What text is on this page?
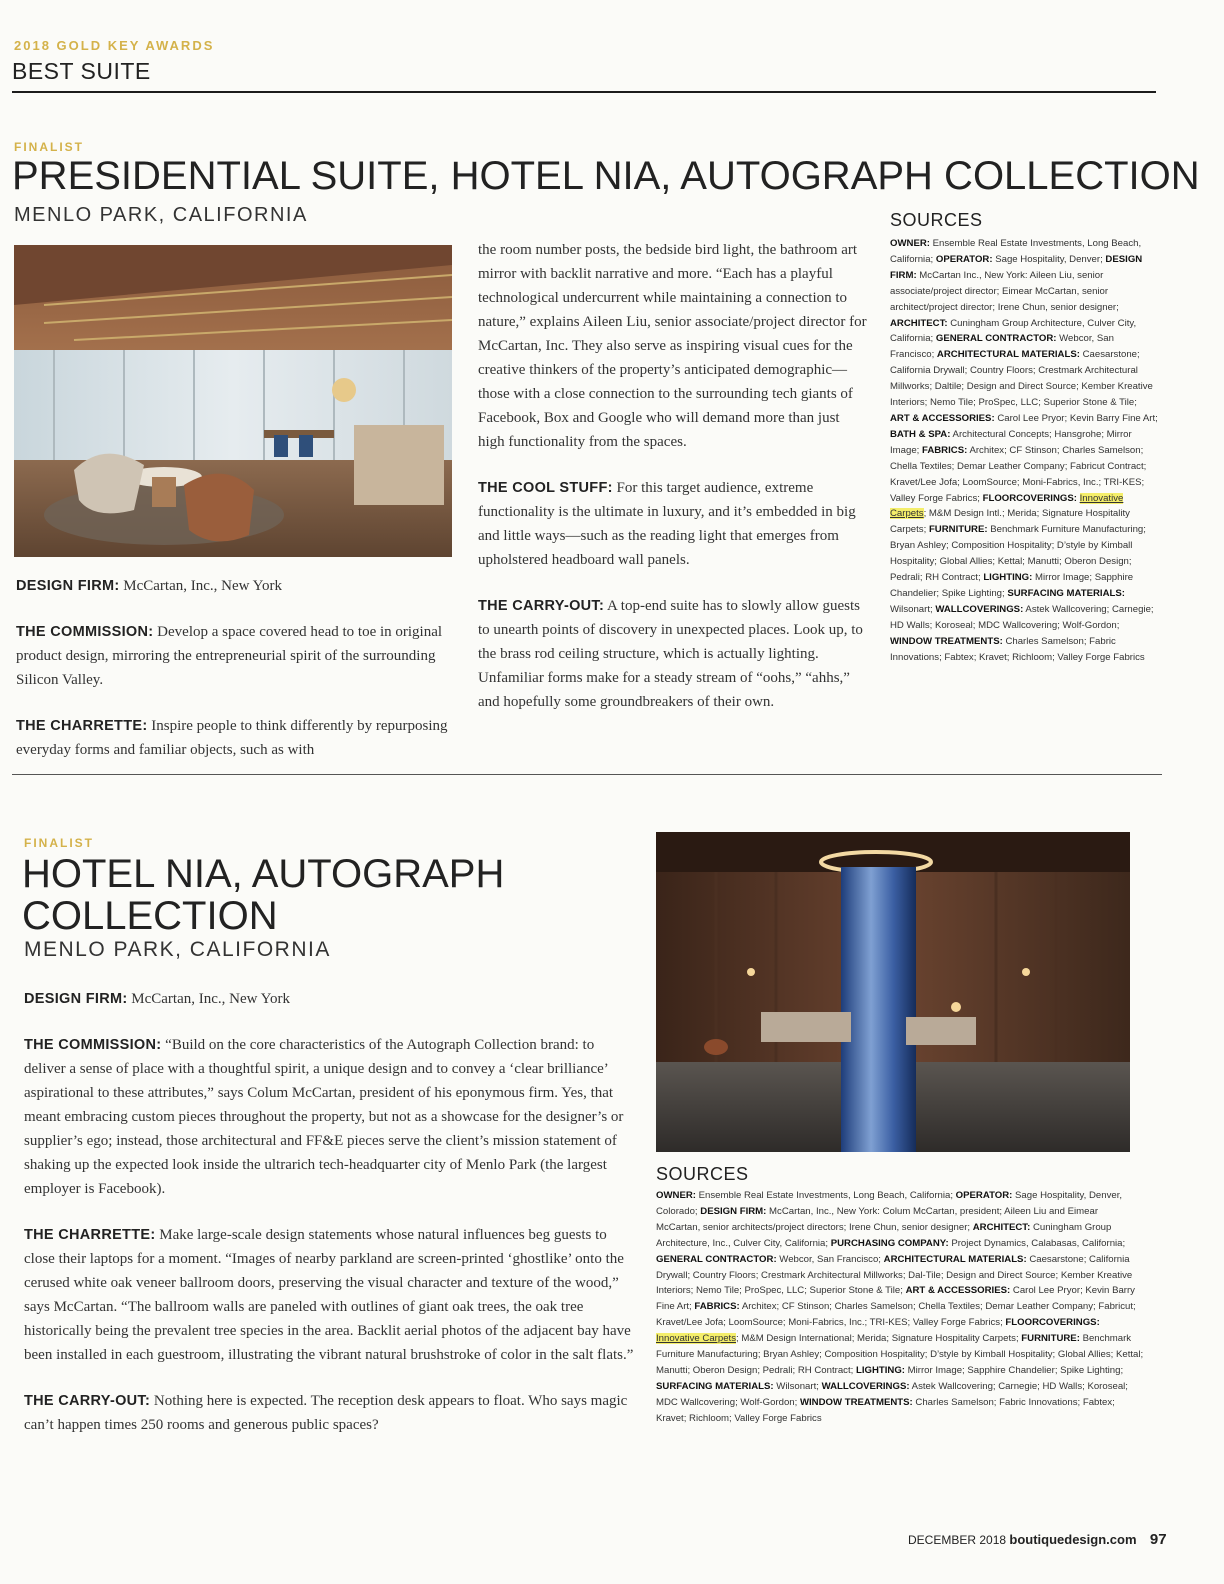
2018 GOLD KEY AWARDS
BEST SUITE
FINALIST
PRESIDENTIAL SUITE, HOTEL NIA, AUTOGRAPH COLLECTION
MENLO PARK, CALIFORNIA

DESIGN FIRM: McCartan, Inc., New York

THE COMMISSION: Develop a space covered head to toe in original product design, mirroring the entrepreneurial spirit of the surrounding Silicon Valley.

THE CHARRETTE: Inspire people to think differently by repurposing everyday forms and familiar objects, such as with

the room number posts, the bedside bird light, the bathroom art mirror with backlit narrative and more. “Each has a playful technological undercurrent while maintaining a connection to nature,” explains Aileen Liu, senior associate/project director for McCartan, Inc. They also serve as inspiring visual cues for the creative thinkers of the property’s anticipated demographic—those with a close connection to the surrounding tech giants of Facebook, Box and Google who will demand more than just high functionality from the spaces.

THE COOL STUFF: For this target audience, extreme functionality is the ultimate in luxury, and it’s embedded in big and little ways—such as the reading light that emerges from upholstered headboard wall panels.

THE CARRY-OUT: A top-end suite has to slowly allow guests to unearth points of discovery in unexpected places. Look up, to the brass rod ceiling structure, which is actually lighting. Unfamiliar forms make for a steady stream of “oohs,” “ahhs,” and hopefully some groundbreakers of their own.

SOURCES
OWNER: Ensemble Real Estate Investments, Long Beach, California; OPERATOR: Sage Hospitality, Denver; DESIGN FIRM: McCartan Inc., New York: Aileen Liu, senior associate/project director; Eimear McCartan, senior architect/project director; Irene Chun, senior designer; ARCHITECT: Cuningham Group Architecture, Culver City, California; GENERAL CONTRACTOR: Webcor, San Francisco; ARCHITECTURAL MATERIALS: Caesarstone; California Drywall; Country Floors; Crestmark Architectural Millworks; Daltile; Design and Direct Source; Kember Kreative Interiors; Nemo Tile; ProSpec, LLC; Superior Stone & Tile; ART & ACCESSORIES: Carol Lee Pryor; Kevin Barry Fine Art; BATH & SPA: Architectural Concepts; Hansgrohe; Mirror Image; FABRICS: Architex; CF Stinson; Charles Samelson; Chella Textiles; Demar Leather Company; Fabricut Contract; Kravet/Lee Jofa; LoomSource; Moni-Fabrics, Inc.; TRI-KES; Valley Forge Fabrics; FLOORCOVERINGS: Innovative Carpets; M&M Design Intl.; Merida; Signature Hospitality Carpets; FURNITURE: Benchmark Furniture Manufacturing; Bryan Ashley; Composition Hospitality; D’style by Kimball Hospitality; Global Allies; Kettal; Manutti; Oberon Design; Pedrali; RH Contract; LIGHTING: Mirror Image; Sapphire Chandelier; Spike Lighting; SURFACING MATERIALS: Wilsonart; WALLCOVERINGS: Astek Wallcovering; Carnegie; HD Walls; Koroseal; MDC Wallcovering; Wolf-Gordon; WINDOW TREATMENTS: Charles Samelson; Fabric Innovations; Fabtex; Kravet; Richloom; Valley Forge Fabrics
FINALIST
HOTEL NIA, AUTOGRAPH
COLLECTION
MENLO PARK, CALIFORNIA

DESIGN FIRM: McCartan, Inc., New York

THE COMMISSION: “Build on the core characteristics of the Autograph Collection brand: to deliver a sense of place with a thoughtful spirit, a unique design and to convey a ‘clear brilliance’ aspirational to these attributes,” says Colum McCartan, president of his eponymous firm. Yes, that meant embracing custom pieces throughout the property, but not as a showcase for the designer’s or supplier’s ego; instead, those architectural and FF&E pieces serve the client’s mission statement of shaking up the expected look inside the ultrarich tech-headquarter city of Menlo Park (the largest employer is Facebook).

THE CHARRETTE: Make large-scale design statements whose natural influences beg guests to close their laptops for a moment. “Images of nearby parkland are screen-printed ‘ghostlike’ onto the cerused white oak veneer ballroom doors, preserving the visual character and texture of the wood,” says McCartan. “The ballroom walls are paneled with outlines of giant oak trees, the oak tree historically being the prevalent tree species in the area. Backlit aerial photos of the adjacent bay have been installed in each guestroom, illustrating the vibrant natural brushstroke of color in the salt flats.”

THE CARRY-OUT: Nothing here is expected. The reception desk appears to float. Who says magic can’t happen times 250 rooms and generous public spaces?

SOURCES
OWNER: Ensemble Real Estate Investments, Long Beach, California; OPERATOR: Sage Hospitality, Denver, Colorado; DESIGN FIRM: McCartan, Inc., New York: Colum McCartan, president; Aileen Liu and Eimear McCartan, senior architects/project directors; Irene Chun, senior designer; ARCHITECT: Cuningham Group Architecture, Inc., Culver City, California; PURCHASING COMPANY: Project Dynamics, Calabasas, California; GENERAL CONTRACTOR: Webcor, San Francisco; ARCHITECTURAL MATERIALS: Caesarstone; California Drywall; Country Floors; Crestmark Architectural Millworks; Dal-Tile; Design and Direct Source; Kember Kreative Interiors; Nemo Tile; ProSpec, LLC; Superior Stone & Tile; ART & ACCESSORIES: Carol Lee Pryor; Kevin Barry Fine Art; FABRICS: Architex; CF Stinson; Charles Samelson; Chella Textiles; Demar Leather Company; Fabricut; Kravet/Lee Jofa; LoomSource; Moni-Fabrics, Inc.; TRI-KES; Valley Forge Fabrics; FLOORCOVERINGS: Innovative Carpets; M&M Design International; Merida; Signature Hospitality Carpets; FURNITURE: Benchmark Furniture Manufacturing; Bryan Ashley; Composition Hospitality; D’style by Kimball Hospitality; Global Allies; Kettal; Manutti; Oberon Design; Pedrali; RH Contract; LIGHTING: Mirror Image; Sapphire Chandelier; Spike Lighting; SURFACING MATERIALS: Wilsonart; WALLCOVERINGS: Astek Wallcovering; Carnegie; HD Walls; Koroseal; MDC Wallcovering; Wolf-Gordon; WINDOW TREATMENTS: Charles Samelson; Fabric Innovations; Fabtex; Kravet; Richloom; Valley Forge Fabrics
DECEMBER 2018 boutiquedesign.com 97
